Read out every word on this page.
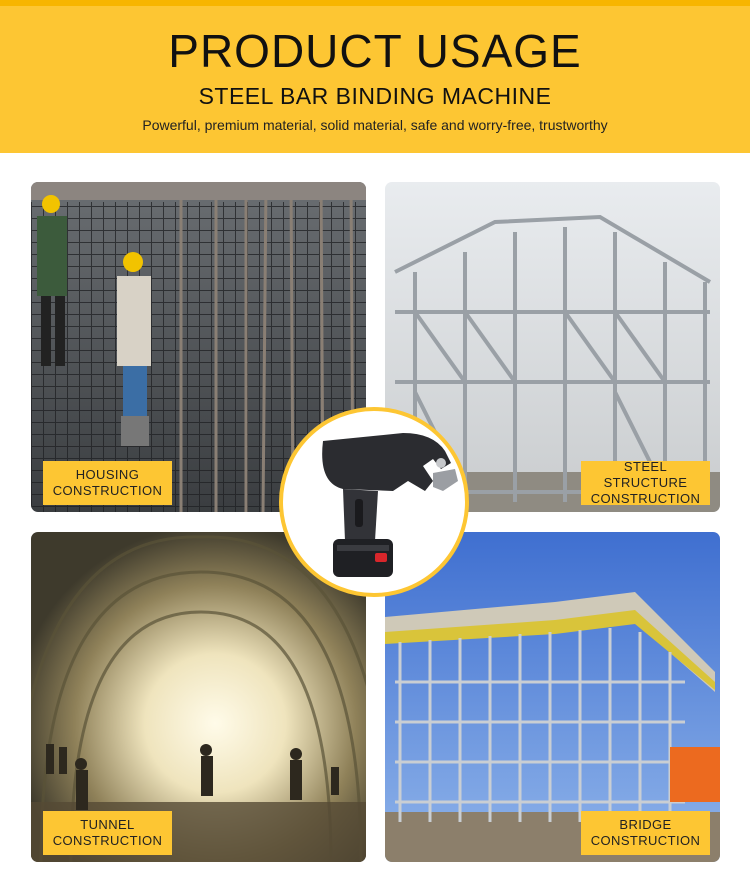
PRODUCT USAGE
STEEL BAR BINDING MACHINE
Powerful, premium material, solid material, safe and worry-free, trustworthy
HOUSING
CONSTRUCTION
STEEL STRUCTURE
CONSTRUCTION
TUNNEL
CONSTRUCTION
BRIDGE
CONSTRUCTION
